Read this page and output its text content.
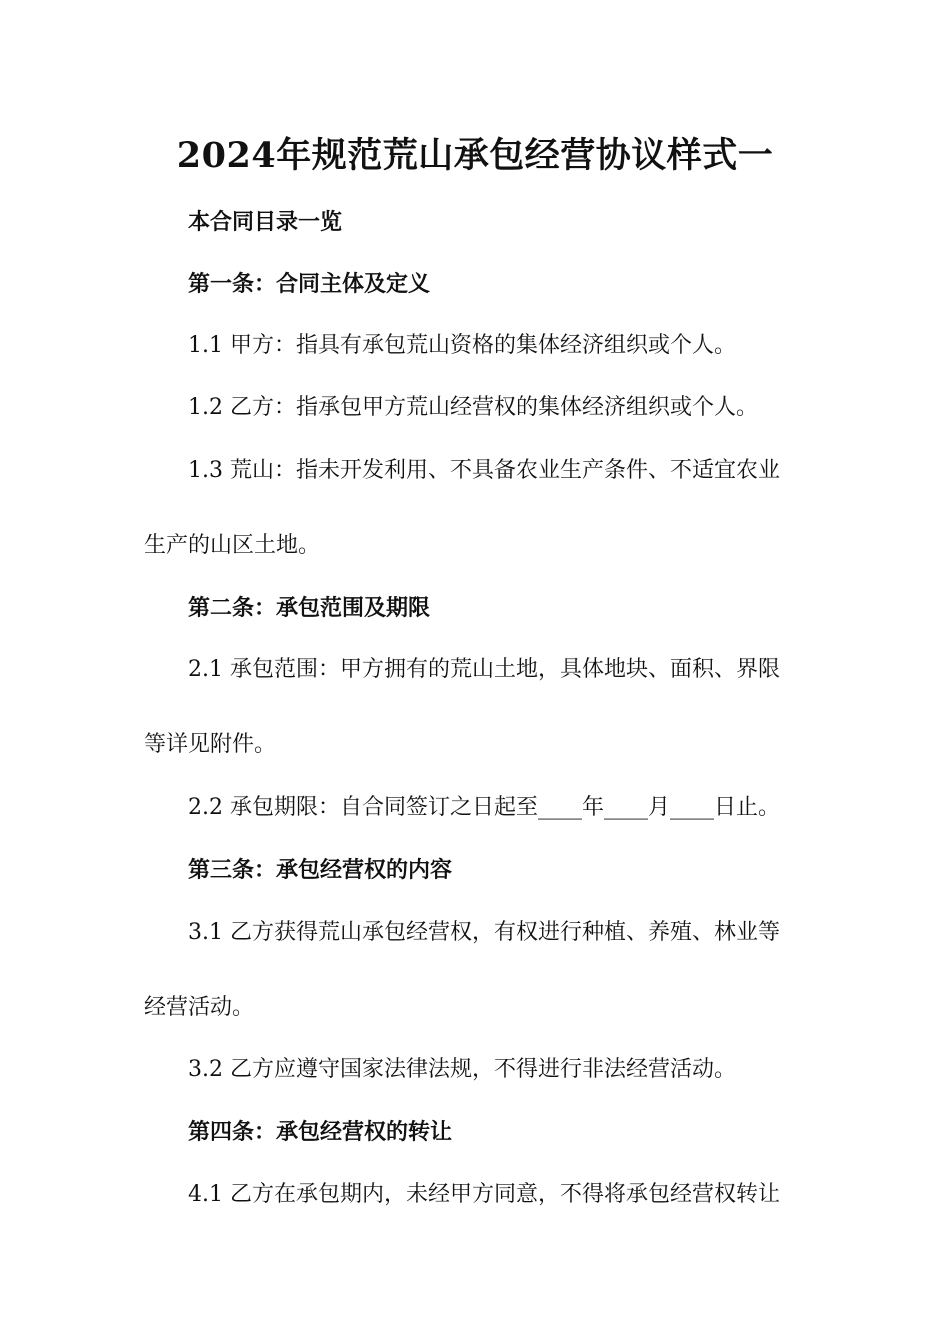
2024年规范荒山承包经营协议样式一
本合同目录一览
第一条：合同主体及定义
1.1 甲方：指具有承包荒山资格的集体经济组织或个人。
1.2 乙方：指承包甲方荒山经营权的集体经济组织或个人。
1.3 荒山：指未开发利用、不具备农业生产条件、不适宜农业
生产的山区土地。
第二条：承包范围及期限
2.1 承包范围：甲方拥有的荒山土地，具体地块、面积、界限
等详见附件。
2.2 承包期限：自合同签订之日起至____年____月____日止。
第三条：承包经营权的内容
3.1 乙方获得荒山承包经营权，有权进行种植、养殖、林业等
经营活动。
3.2 乙方应遵守国家法律法规，不得进行非法经营活动。
第四条：承包经营权的转让
4.1 乙方在承包期内，未经甲方同意，不得将承包经营权转让
